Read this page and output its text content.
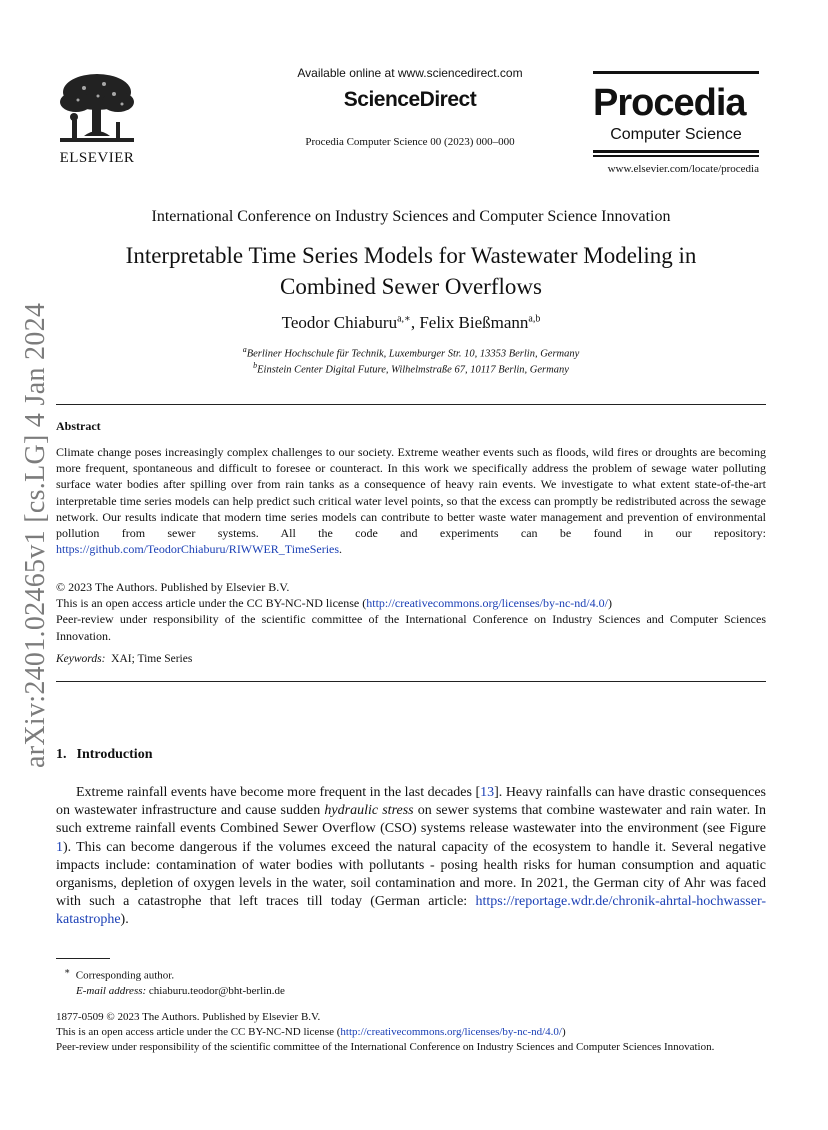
ELSEVIER
Available online at www.sciencedirect.com
ScienceDirect
Procedia Computer Science 00 (2023) 000–000
Procedia
Computer Science
www.elsevier.com/locate/procedia
arXiv:2401.02465v1 [cs.LG] 4 Jan 2024
International Conference on Industry Sciences and Computer Science Innovation
Interpretable Time Series Models for Wastewater Modeling in
Combined Sewer Overflows
Teodor Chiaburu$^{a,∗}$, Felix Bießmann$^{a,b}$
$^a$Berliner Hochschule für Technik, Luxemburger Str. 10, 13353 Berlin, Germany
$^b$Einstein Center Digital Future, Wilhelmstraße 67, 10117 Berlin, Germany
Abstract
Climate change poses increasingly complex challenges to our society. Extreme weather events such as floods, wild fires or droughts are becoming more frequent, spontaneous and difficult to foresee or counteract. In this work we specifically address the problem of sewage water polluting surface water bodies after spilling over from rain tanks as a consequence of heavy rain events. We investigate to what extent state-of-the-art interpretable time series models can help predict such critical water level points, so that the excess can promptly be redistributed across the sewage network. Our results indicate that modern time series models can contribute to better waste water management and prevention of environmental pollution from sewer systems. All the code and experiments can be found in our repository: https://github.com/TeodorChiaburu/RIWWER_TimeSeries.
© 2023 The Authors. Published by Elsevier B.V.
This is an open access article under the CC BY-NC-ND license (http://creativecommons.org/licenses/by-nc-nd/4.0/)
Peer-review under responsibility of the scientific committee of the International Conference on Industry Sciences and Computer Sciences Innovation.
Keywords: XAI; Time Series
1. Introduction
Extreme rainfall events have become more frequent in the last decades [13]. Heavy rainfalls can have drastic consequences on wastewater infrastructure and cause sudden hydraulic stress on sewer systems that combine wastewater and rain water. In such extreme rainfall events Combined Sewer Overflow (CSO) systems release wastewater into the environment (see Figure 1). This can become dangerous if the volumes exceed the natural capacity of the ecosystem to handle it. Several negative impacts include: contamination of water bodies with pollutants - posing health risks for human consumption and aquatic organisms, depletion of oxygen levels in the water, soil contamination and more. In 2021, the German city of Ahr was faced with such a catastrophe that left traces till today (German article: https://reportage.wdr.de/chronik-ahrtal-hochwasser-katastrophe).
∗ Corresponding author.
E-mail address: chiaburu.teodor@bht-berlin.de
1877-0509 © 2023 The Authors. Published by Elsevier B.V.
This is an open access article under the CC BY-NC-ND license (http://creativecommons.org/licenses/by-nc-nd/4.0/)
Peer-review under responsibility of the scientific committee of the International Conference on Industry Sciences and Computer Sciences Innovation.
